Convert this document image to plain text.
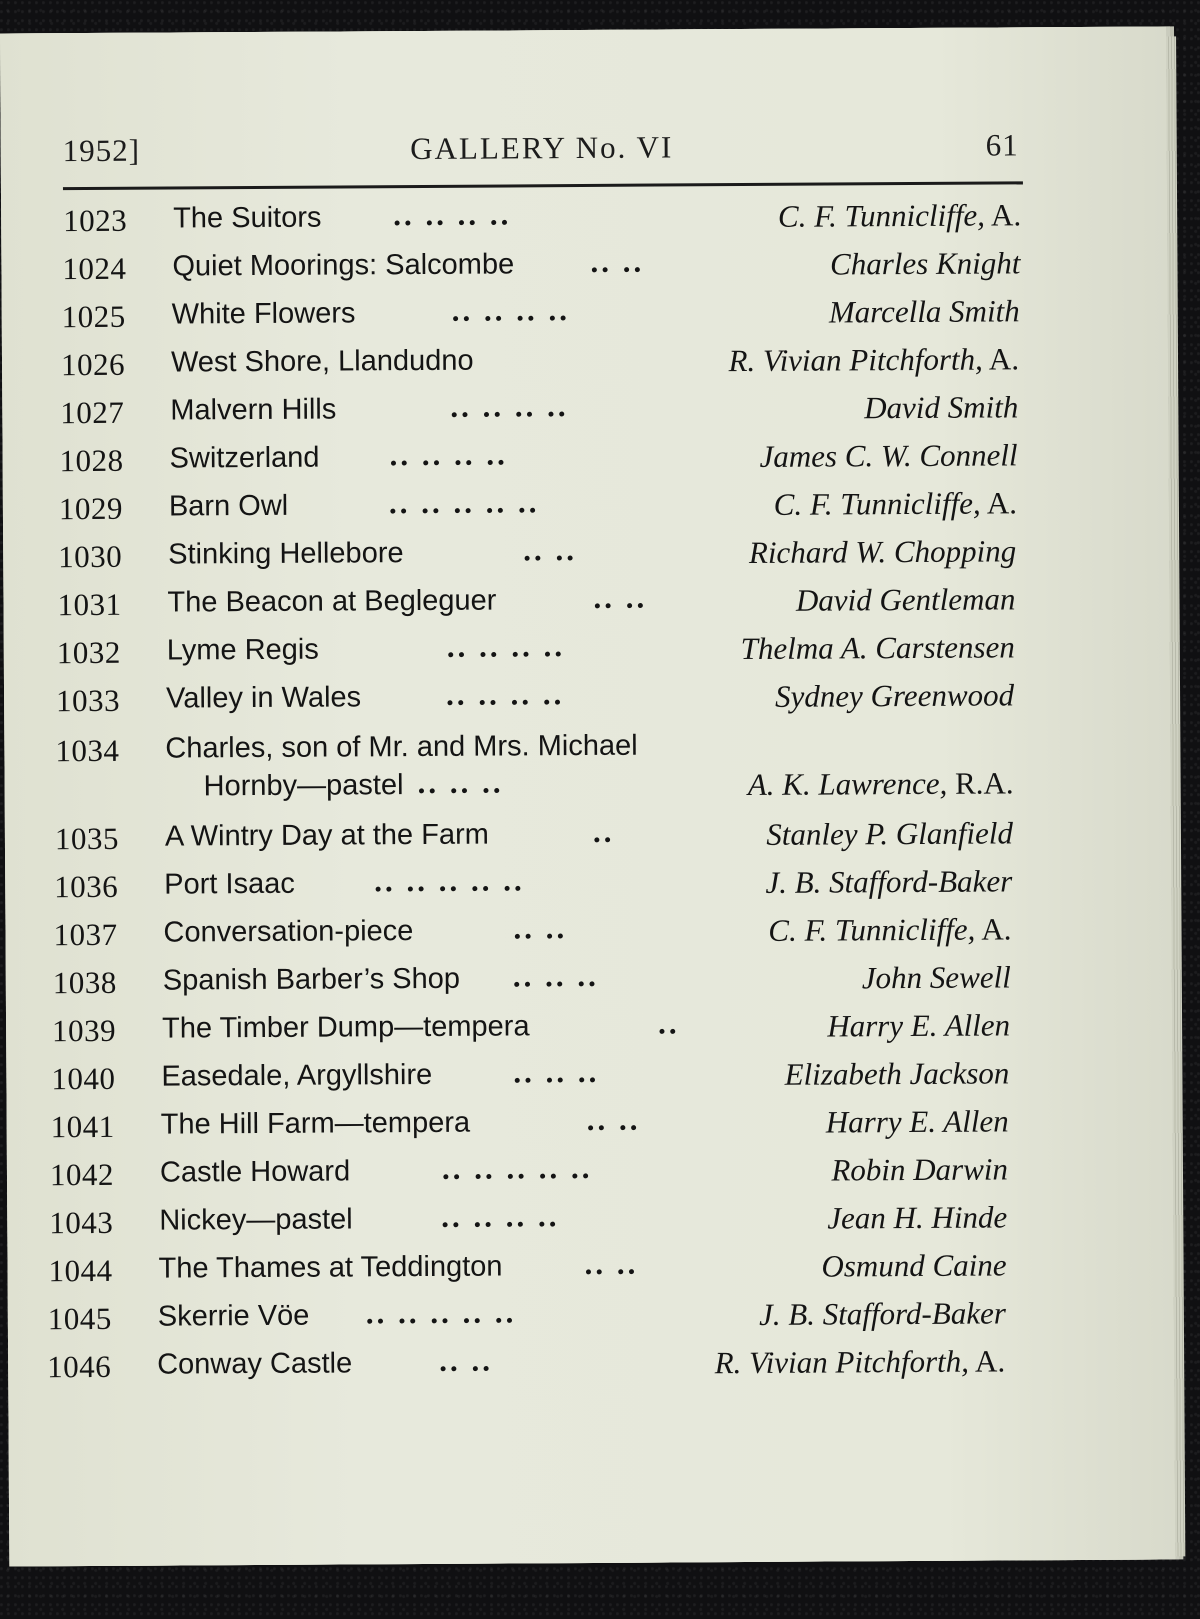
1952]	GALLERY No. VI	61
1023 The Suitors .. .. .. ..	C. F. Tunnicliffe, A.
1024 Quiet Moorings: Salcombe .. ..	Charles Knight
1025 White Flowers	.. .. .. ..	Marcella Smith
1026 West Shore, Llandudno	R. Vivian Pitchforth, A.
1027 Malvern Hills	.. .. .. ..	David Smith
1028 Switzerland .. .. .. ..	James C. W. Connell
1029 Barn Owl	.. .. .. .. ..	C. F. Tunnicliffe, A.
1030 Stinking Hellebore	.. ..	Richard W. Chopping
1031 The Beacon at Begleguer	.. ..	David Gentleman
1032 Lyme Regis	.. .. .. ..	Thelma A. Carstensen
1033 Valley in Wales	.. .. .. ..	Sydney Greenwood
1034 Charles, son of Mr. and Mrs. Michael
Hornby—pastel .. .. ..	A. K. Lawrence, R.A.
1035 A Wintry Day at the Farm	..	Stanley P. Glanfield
1036 Port Isaac	.. .. .. .. ..	J. B. Stafford-Baker
1037 Conversation-piece	.. ..	C. F. Tunnicliffe, A.
1038 Spanish Barber’s Shop .. .. ..	John Sewell
1039 The Timber Dump—tempera	..	Harry E. Allen
1040 Easedale, Argyllshire	.. .. ..	Elizabeth Jackson
1041 The Hill Farm—tempera	.. ..	Harry E. Allen
1042 Castle Howard	.. .. .. .. ..	Robin Darwin
1043 Nickey—pastel	.. .. .. ..	Jean H. Hinde
1044 The Thames at Teddington	.. ..	Osmund Caine
1045 Skerrie Vöe .. .. .. .. ..	J. B. Stafford-Baker
1046 Conway Castle	.. ..	R. Vivian Pitchforth, A.
